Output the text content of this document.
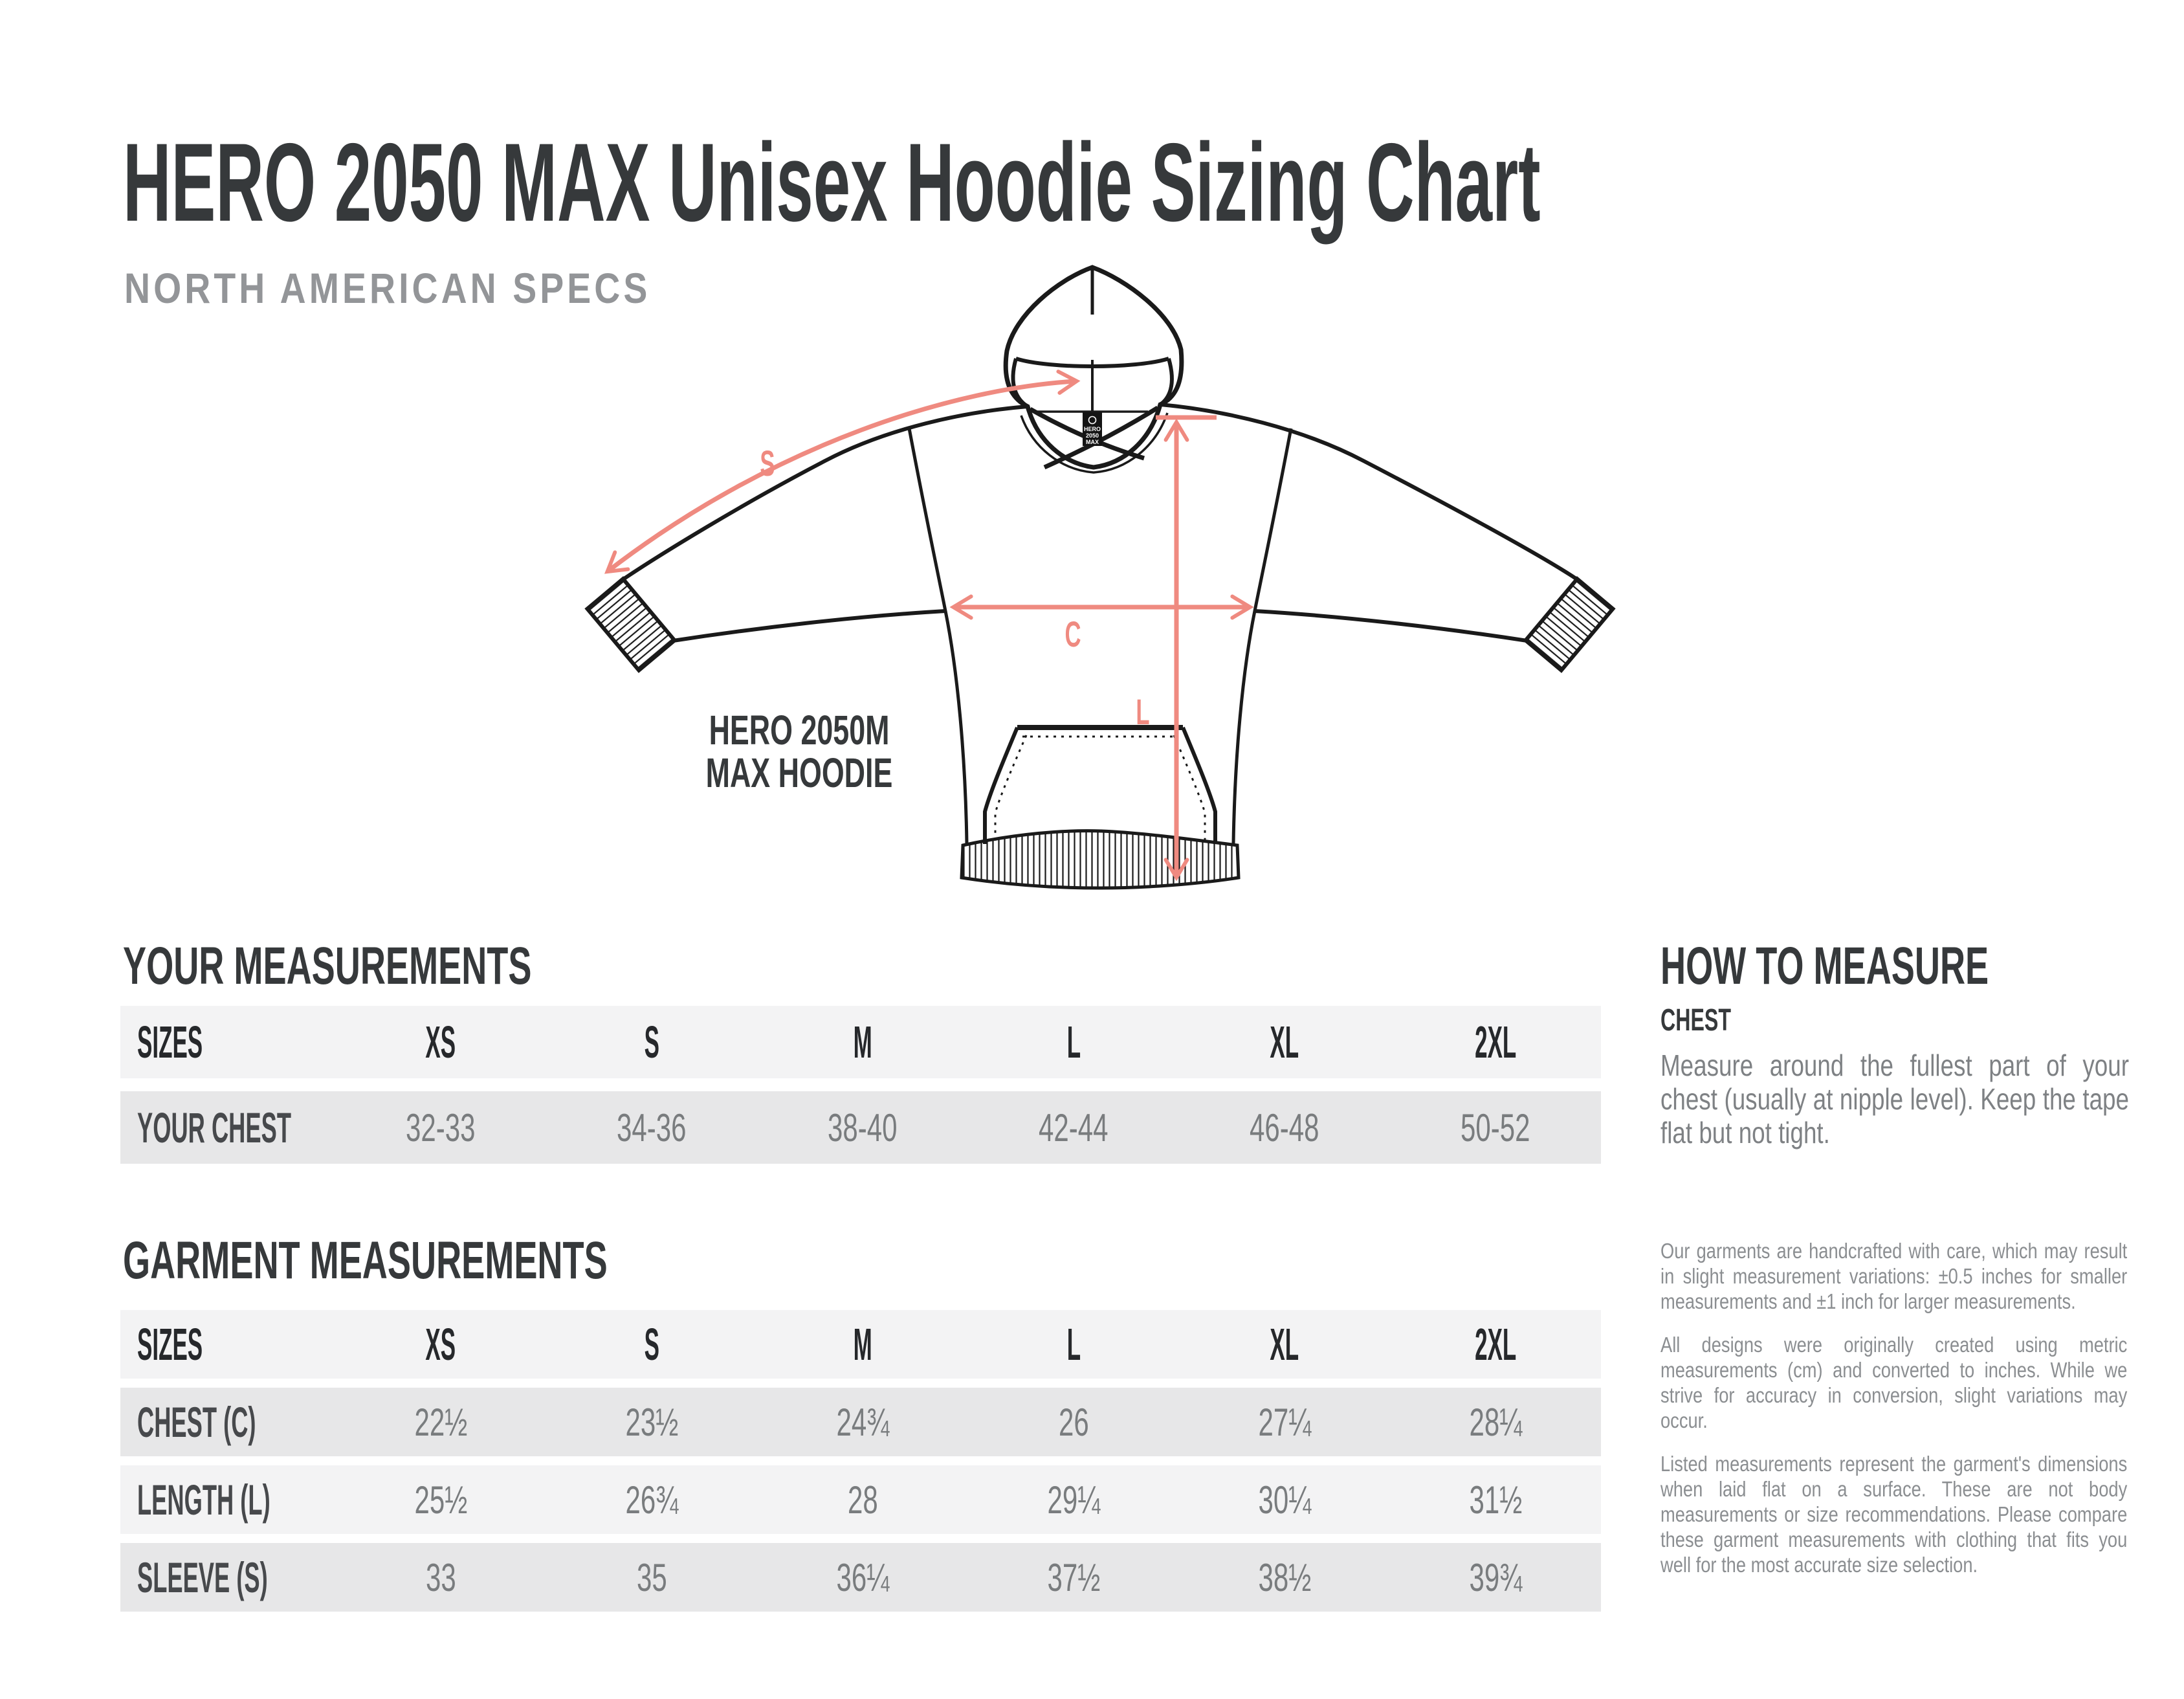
HERO 2050 MAX Unisex Hoodie Sizing Chart
NORTH AMERICAN SPECS
HERO
2050
MAX
S
C
L
HERO 2050M
MAX HOODIE
YOUR MEASUREMENTS
SIZES	XS	S	M	L	XL	2XL
YOUR CHEST	32-33	34-36	38-40	42-44	46-48	50-52
GARMENT MEASUREMENTS
SIZES	XS	S	M	L	XL	2XL
CHEST (C)	22½	23½	24¾	26	27¼	28¼
LENGTH (L)	25½	26¾	28	29¼	30¼	31½
SLEEVE (S)	33	35	36¼	37½	38½	39¾
HOW TO MEASURE
CHEST
Measure around the fullest part of your chest (usually at nipple level). Keep the tape flat but not tight.

Our garments are handcrafted with care, which may result in slight measurement variations: ±0.5 inches for smaller measurements and ±1 inch for larger measurements.

All designs were originally created using metric measurements (cm) and converted to inches. While we strive for accuracy in conversion, slight variations may occur.

Listed measurements represent the garment's dimensions when laid flat on a surface. These are not body measurements or size recommendations. Please compare these garment measurements with clothing that fits you well for the most accurate size selection.
